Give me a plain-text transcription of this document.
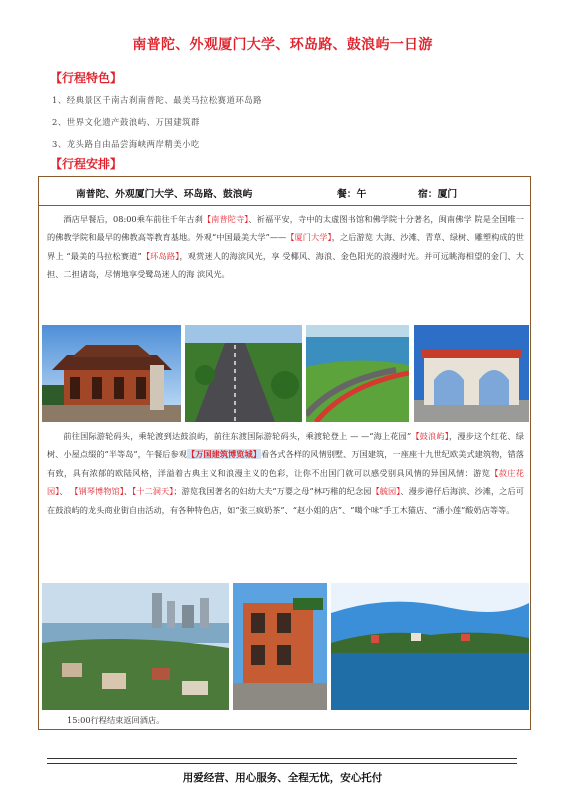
南普陀、外观厦门大学、环岛路、鼓浪屿一日游
【行程特色】
1、经典景区千南古刹南普陀、最美马拉松赛道环岛路
2、世界文化遗产鼓浪屿、万国建筑群
3、龙头路自由品尝海峡两岸精美小吃
【行程安排】
南普陀、外观厦门大学、环岛路、鼓浪屿	餐：午	宿：厦门

酒店早餐后，08:00乘车前往千年古刹【南普陀寺】、祈福平安，寺中的太虚图书馆和佛学院十分著名，闽南佛学 院是全国唯一的佛教学院和最早的佛教高等教育基地。外观“中国最美大学”——【厦门大学】，之后游览 大海、沙滩、青草、绿树、雕塑构成的世界上 “最美的马拉松赛道”【环岛路】，观赏迷人的海滨风光，享 受椰风、海浪、金色阳光的浪漫时光。并可远眺海相望的金门、大担、二担诸岛，尽情地享受鹭岛迷人的海 滨风光。

前往国际游轮码头，乘轮渡到达鼓浪屿，前往东渡国际游轮码头，乘渡轮登上 — —“海上花园”【鼓浪屿】，漫步这个红花、绿树、小屋点缀的“半等岛”，午餐后参观【万国建筑博览城】看各式各样的风情别墅、万国建筑，一座座十九世纪欧美式建筑物，错落有致，具有浓郁的欧陆风格，洋溢着古典主义和浪漫主义的色彩，让你不出国门就可以感受别具风情的异国风情：游览【菽庄花园】、 【钢琴博物馆】、【十二洞天】；游览我国著名的妇幼大夫“万婴之母”林巧稚的纪念园【毓园】、漫步港仔后海滨、沙滩，之后可在鼓浪屿的龙头商业街自由活动，有各种特色店，如“张三疯奶茶”、“赵小姐的店”、“噶个味”手工木猫店、“潘小莲”酸奶店等等。

15:00行程结束返回酒店。
用爱经营、用心服务、全程无忧，安心托付
